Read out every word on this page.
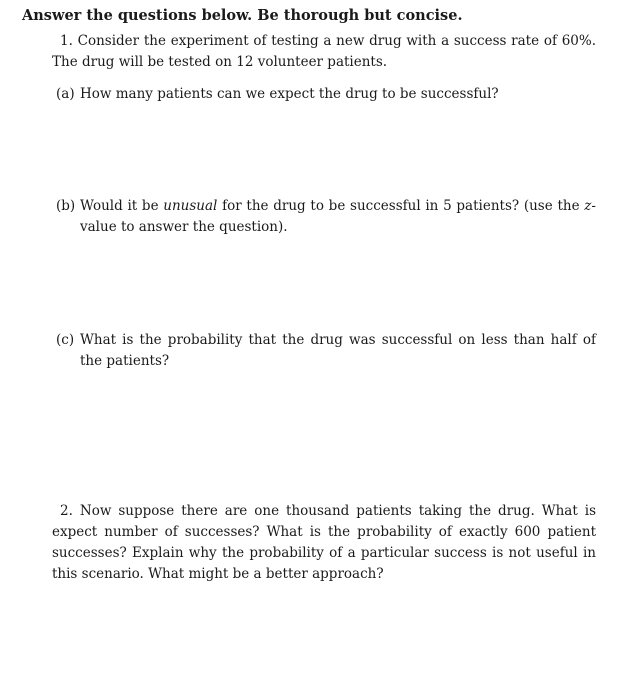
Answer the questions below. Be thorough but concise.
1. Consider the experiment of testing a new drug with a success rate of 60%. The drug will be tested on 12 volunteer patients.
(a) How many patients can we expect the drug to be successful?
(b) Would it be unusual for the drug to be successful in 5 patients? (use the z-value to answer the question).
(c) What is the probability that the drug was successful on less than half of the patients?
2. Now suppose there are one thousand patients taking the drug. What is expect number of successes? What is the probability of exactly 600 patient successes? Explain why the probability of a particular success is not useful in this scenario. What might be a better approach?
